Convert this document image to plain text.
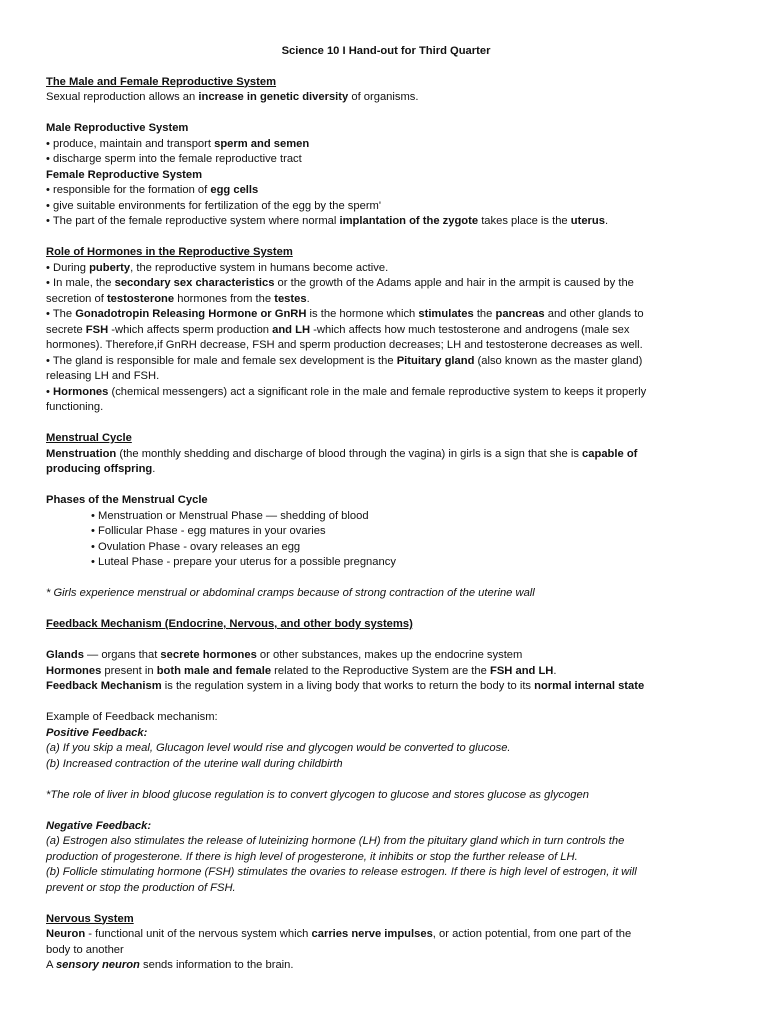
Science 10 I Hand-out for Third Quarter
The Male and Female Reproductive System
Sexual reproduction allows an increase in genetic diversity of organisms.
Male Reproductive System
• produce, maintain and transport sperm and semen
• discharge sperm into the female reproductive tract
Female Reproductive System
• responsible for the formation of egg cells
• give suitable environments for fertilization of the egg by the sperm'
• The part of the female reproductive system where normal implantation of the zygote takes place is the uterus.
Role of Hormones in the Reproductive System
• During puberty, the reproductive system in humans become active.
• In male, the secondary sex characteristics or the growth of the Adams apple and hair in the armpit is caused by the
secretion of testosterone hormones from the testes.
• The Gonadotropin Releasing Hormone or GnRH is the hormone which stimulates the pancreas and other glands to
secrete FSH -which affects sperm production and LH -which affects how much testosterone and androgens (male sex
hormones). Therefore,if GnRH decrease, FSH and sperm production decreases; LH and testosterone decreases as well.
• The gland is responsible for male and female sex development is the Pituitary gland (also known as the master gland)
releasing LH and FSH.
• Hormones (chemical messengers) act a significant role in the male and female reproductive system to keeps it properly
functioning.
Menstrual Cycle
Menstruation (the monthly shedding and discharge of blood through the vagina) in girls is a sign that she is capable of
producing offspring.
Phases of the Menstrual Cycle
• Menstruation or Menstrual Phase — shedding of blood
• Follicular Phase - egg matures in your ovaries
• Ovulation Phase - ovary releases an egg
• Luteal Phase - prepare your uterus for a possible pregnancy
* Girls experience menstrual or abdominal cramps because of strong contraction of the uterine wall
Feedback Mechanism (Endocrine, Nervous, and other body systems)
Glands — organs that secrete hormones or other substances, makes up the endocrine system
Hormones present in both male and female related to the Reproductive System are the FSH and LH.
Feedback Mechanism is the regulation system in a living body that works to return the body to its normal internal state
Example of Feedback mechanism:
Positive Feedback:
(a) If you skip a meal, Glucagon level would rise and glycogen would be converted to glucose.
(b) Increased contraction of the uterine wall during childbirth
*The role of liver in blood glucose regulation is to convert glycogen to glucose and stores glucose as glycogen
Negative Feedback:
(a) Estrogen also stimulates the release of luteinizing hormone (LH) from the pituitary gland which in turn controls the
production of progesterone. If there is high level of progesterone, it inhibits or stop the further release of LH.
(b) Follicle stimulating hormone (FSH) stimulates the ovaries to release estrogen. If there is high level of estrogen, it will
prevent or stop the production of FSH.
Nervous System
Neuron - functional unit of the nervous system which carries nerve impulses, or action potential, from one part of the
body to another
A sensory neuron sends information to the brain.
